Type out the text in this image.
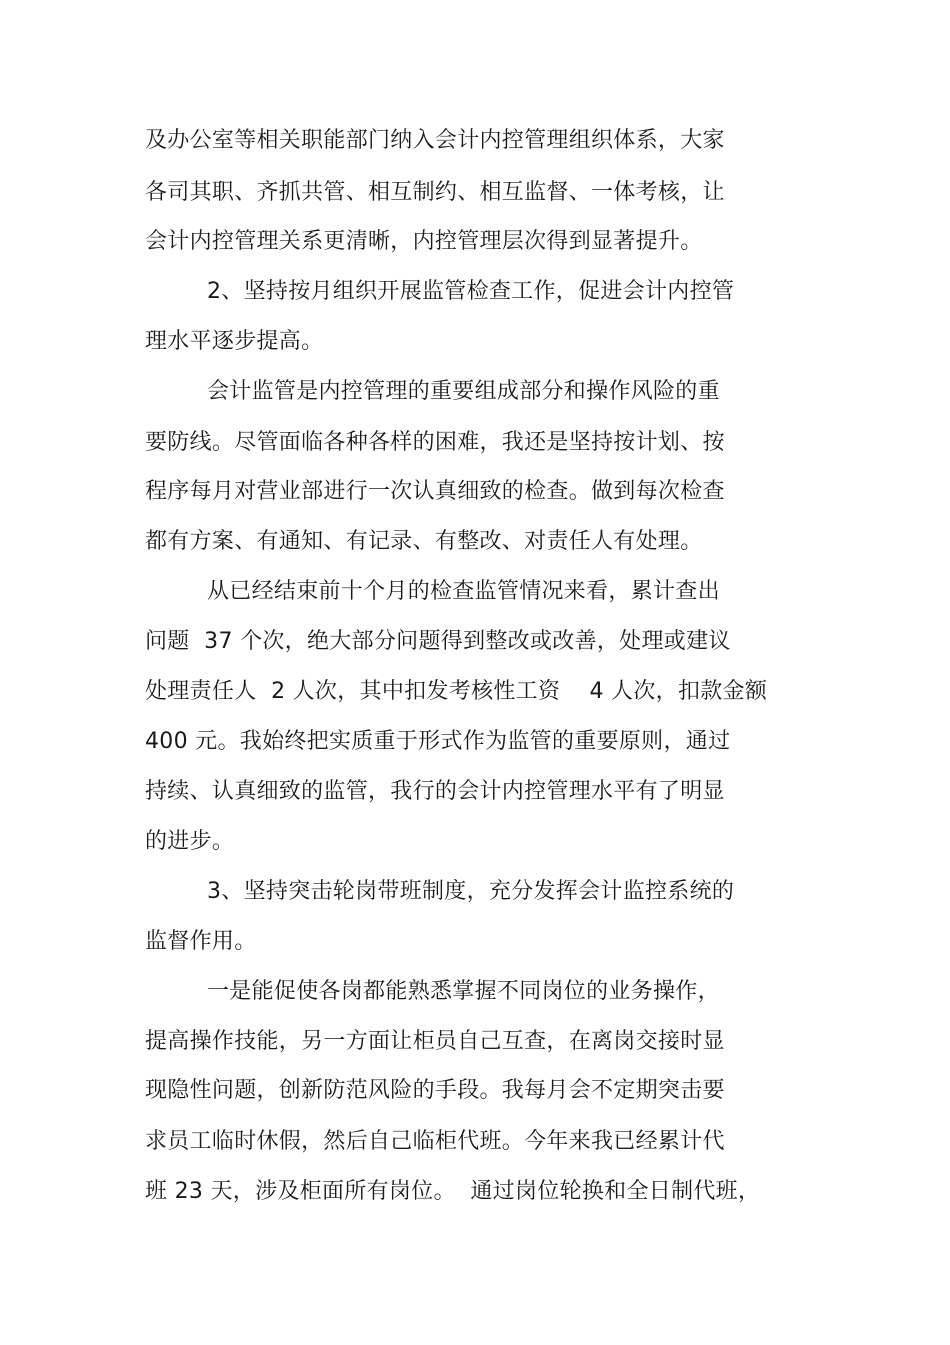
及办公室等相关职能部门纳入会计内控管理组织体系，大家
各司其职、齐抓共管、相互制约、相互监督、一体考核，让
会计内控管理关系更清晰，内控管理层次得到显著提升。
2、坚持按月组织开展监管检查工作，促进会计内控管
理水平逐步提高。
会计监管是内控管理的重要组成部分和操作风险的重
要防线。尽管面临各种各样的困难，我还是坚持按计划、按
程序每月对营业部进行一次认真细致的检查。做到每次检查
都有方案、有通知、有记录、有整改、对责任人有处理。
从已经结束前十个月的检查监管情况来看，累计查出
问题  37 个次，绝大部分问题得到整改或改善，处理或建议
处理责任人  2 人次，其中扣发考核性工资    4 人次，扣款金额
400 元。我始终把实质重于形式作为监管的重要原则，通过
持续、认真细致的监管，我行的会计内控管理水平有了明显
的进步。
3、坚持突击轮岗带班制度，充分发挥会计监控系统的
监督作用。
一是能促使各岗都能熟悉掌握不同岗位的业务操作，
提高操作技能，另一方面让柜员自己互查，在离岗交接时显
现隐性问题，创新防范风险的手段。我每月会不定期突击要
求员工临时休假，然后自己临柜代班。今年来我已经累计代
班 23 天，涉及柜面所有岗位。  通过岗位轮换和全日制代班，
